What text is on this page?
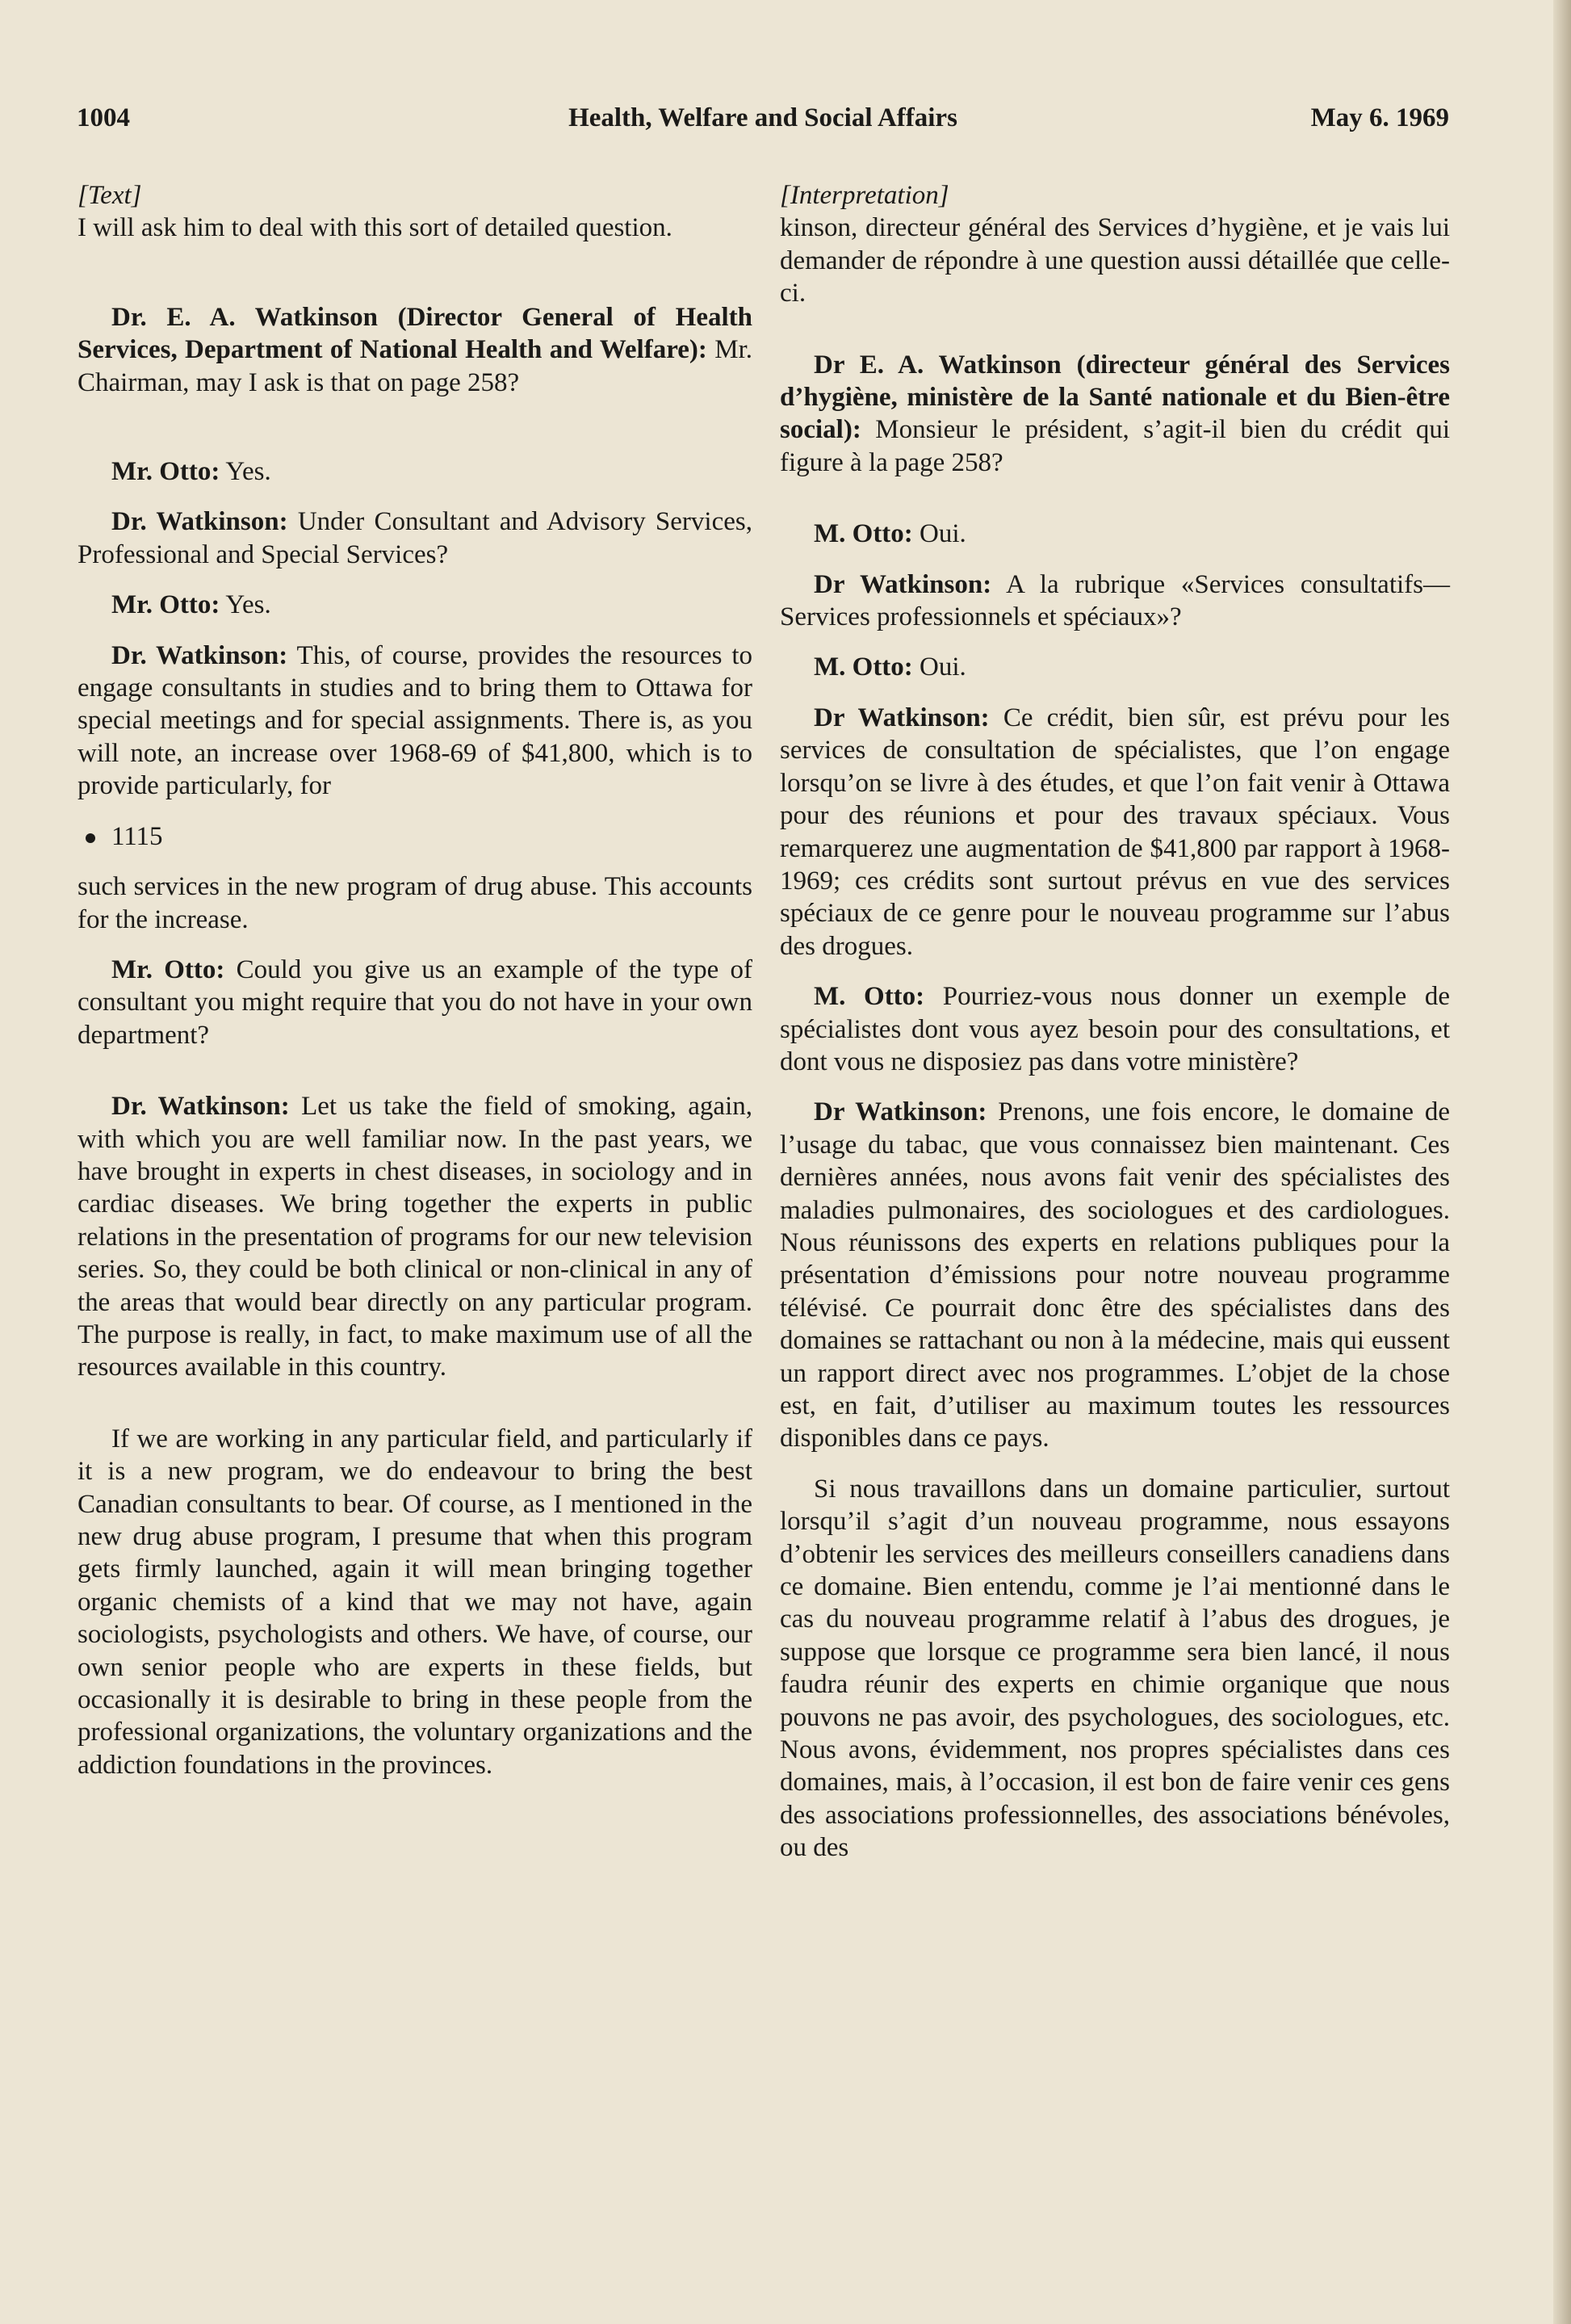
1004	Health, Welfare and Social Affairs	May 6. 1969

[Text]

I will ask him to deal with this sort of detailed question.

Dr. E. A. Watkinson (Director General of Health Services, Department of National Health and Welfare): Mr. Chairman, may I ask is that on page 258?

Mr. Otto: Yes.

Dr. Watkinson: Under Consultant and Advisory Services, Professional and Special Services?

Mr. Otto: Yes.

Dr. Watkinson: This, of course, provides the resources to engage consultants in studies and to bring them to Ottawa for special meetings and for special assignments. There is, as you will note, an increase over 1968-69 of $41,800, which is to provide particularly, for

1115

such services in the new program of drug abuse. This accounts for the increase.

Mr. Otto: Could you give us an example of the type of consultant you might require that you do not have in your own department?

Dr. Watkinson: Let us take the field of smoking, again, with which you are well familiar now. In the past years, we have brought in experts in chest diseases, in sociology and in cardiac diseases. We bring together the experts in public relations in the presentation of programs for our new television series. So, they could be both clinical or non-clinical in any of the areas that would bear directly on any particular program. The purpose is really, in fact, to make maximum use of all the resources available in this country.

If we are working in any particular field, and particularly if it is a new program, we do endeavour to bring the best Canadian consultants to bear. Of course, as I mentioned in the new drug abuse program, I presume that when this program gets firmly launched, again it will mean bringing together organic chemists of a kind that we may not have, again sociologists, psychologists and others. We have, of course, our own senior people who are experts in these fields, but occasionally it is desirable to bring in these people from the professional organizations, the voluntary organizations and the addiction foundations in the provinces.

[Interpretation]

kinson, directeur général des Services d’hygiène, et je vais lui demander de répondre à une question aussi détaillée que celle-ci.

Dr E. A. Watkinson (directeur général des Services d’hygiène, ministère de la Santé nationale et du Bien-être social): Monsieur le président, s’agit-il bien du crédit qui figure à la page 258?

M. Otto: Oui.

Dr Watkinson: A la rubrique «Services consultatifs—Services professionnels et spéciaux»?

M. Otto: Oui.

Dr Watkinson: Ce crédit, bien sûr, est prévu pour les services de consultation de spécialistes, que l’on engage lorsqu’on se livre à des études, et que l’on fait venir à Ottawa pour des réunions et pour des travaux spéciaux. Vous remarquerez une augmentation de $41,800 par rapport à 1968-1969; ces crédits sont surtout prévus en vue des services spéciaux de ce genre pour le nouveau programme sur l’abus des drogues.

M. Otto: Pourriez-vous nous donner un exemple de spécialistes dont vous ayez besoin pour des consultations, et dont vous ne disposiez pas dans votre ministère?

Dr Watkinson: Prenons, une fois encore, le domaine de l’usage du tabac, que vous connaissez bien maintenant. Ces dernières années, nous avons fait venir des spécialistes des maladies pulmonaires, des sociologues et des cardiologues. Nous réunissons des experts en relations publiques pour la présentation d’émissions pour notre nouveau programme télévisé. Ce pourrait donc être des spécialistes dans des domaines se rattachant ou non à la médecine, mais qui eussent un rapport direct avec nos programmes. L’objet de la chose est, en fait, d’utiliser au maximum toutes les ressources disponibles dans ce pays.

Si nous travaillons dans un domaine particulier, surtout lorsqu’il s’agit d’un nouveau programme, nous essayons d’obtenir les services des meilleurs conseillers canadiens dans ce domaine. Bien entendu, comme je l’ai mentionné dans le cas du nouveau programme relatif à l’abus des drogues, je suppose que lorsque ce programme sera bien lancé, il nous faudra réunir des experts en chimie organique que nous pouvons ne pas avoir, des psychologues, des sociologues, etc. Nous avons, évidemment, nos propres spécialistes dans ces domaines, mais, à l’occasion, il est bon de faire venir ces gens des associations professionnelles, des associations bénévoles, ou des
